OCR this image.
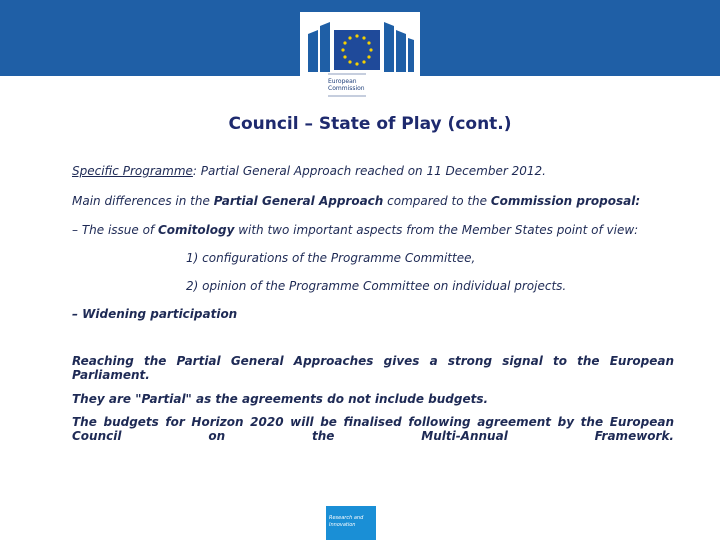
European
Commission
Council – State of Play (cont.)
Specific Programme: Partial General Approach reached on 11 December 2012.
Main differences in the Partial General Approach compared to the Commission proposal:
– The issue of Comitology with two important aspects from the Member States point of view:
1) configurations of the Programme Committee,
2) opinion of the Programme Committee on individual projects.
– Widening participation
Reaching the Partial General Approaches gives a strong signal to the European Parliament.
They are "Partial" as the agreements do not include budgets.
The budgets for Horizon 2020 will be finalised following agreement by the European Council on the Multi-Annual Framework.
Research and
Innovation
